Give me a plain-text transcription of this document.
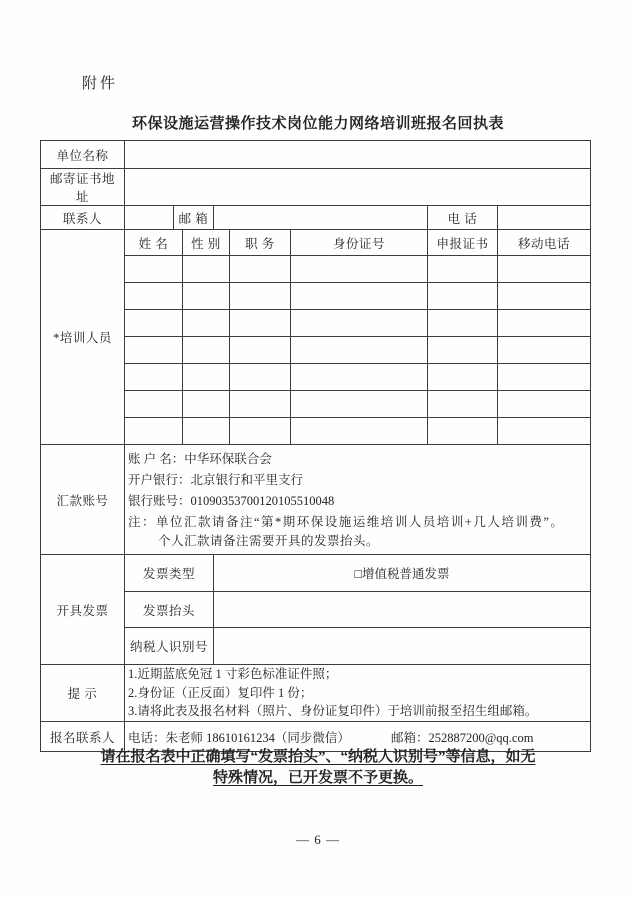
附件
环保设施运营操作技术岗位能力网络培训班报名回执表
单位名称								
邮寄证书地址								
联系人		邮 箱					电 话	
*培训人员	姓 名		性 别		职 务	身份证号	申报证书	移动电话

汇款账号	账 户 名：中华环保联合会
开户银行：北京银行和平里支行
银行账号：01090353700120105510048
注：单位汇款请备注“第*期环保设施运维培训人员培训+几人培训费”。
个人汇款请备注需要开具的发票抬头。							

开具发票	发票类型			□增值税普通发票				
	发票抬头							
	纳税人识别号							
提 示	1.近期蓝底免冠 1 寸彩色标准证件照；
2.身份证（正反面）复印件 1 份；
3.请将此表及报名材料（照片、身份证复印件）于培训前报至招生组邮箱。							

报名联系人	电话：朱老师 18610161234（同步微信） 邮箱：252887200@qq.com							
请在报名表中正确填写“发票抬头”、“纳税人识别号”等信息，如无
特殊情况，已开发票不予更换。
— 6 —
